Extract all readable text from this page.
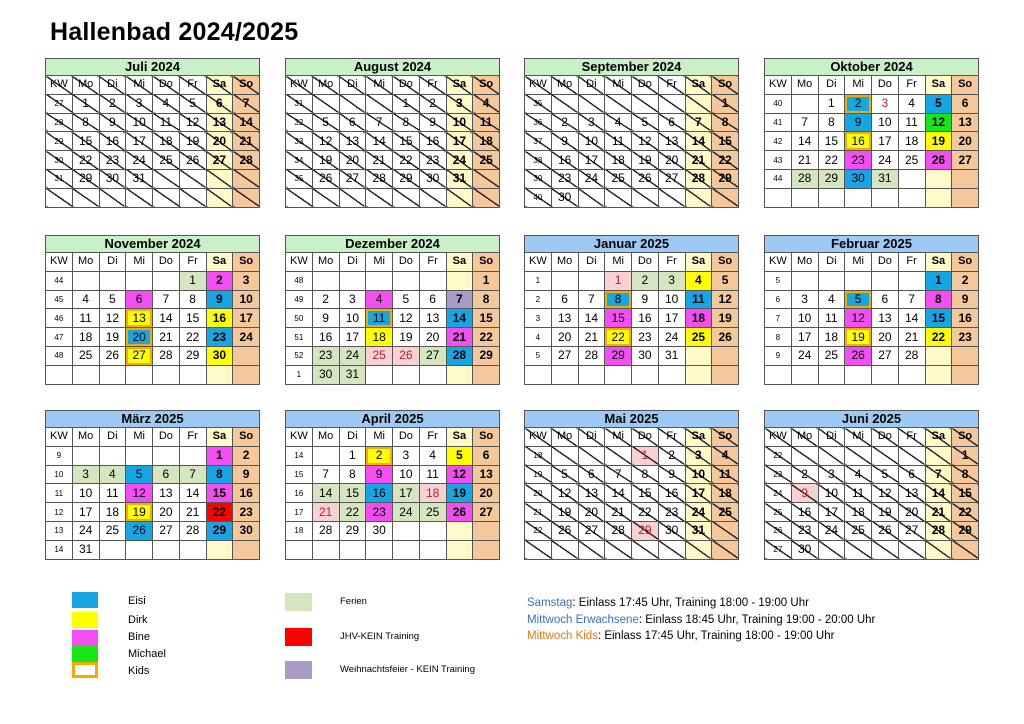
Hallenbad 2024/2025
Juli 2024							
KW	Mo	Di	Mi	Do	Fr	Sa	So
27	1	2	3	4	5	6	7
28	8	9	10	11	12	13	14
29	15	16	17	18	19	20	21
30	22	23	24	25	26	27	28
31	29	30	31				

August 2024							
KW	Mo	Di	Mi	Do	Fr	Sa	So
31				1	2	3	4
32	5	6	7	8	9	10	11
33	12	13	14	15	16	17	18
34	19	20	21	22	23	24	25
35	26	27	28	29	30	31	

September 2024							
KW	Mo	Di	Mi	Do	Fr	Sa	So
35							1
36	2	3	4	5	6	7	8
37	9	10	11	12	13	14	15
38	16	17	18	19	20	21	22
39	23	24	25	26	27	28	29
40	30						
Oktober 2024							
KW	Mo	Di	Mi	Do	Fr	Sa	So
40		1	2	3	4	5	6
41	7	8	9	10	11	12	13
42	14	15	16	17	18	19	20
43	21	22	23	24	25	26	27
44	28	29	30	31			

November 2024							
KW	Mo	Di	Mi	Do	Fr	Sa	So
44					1	2	3
45	4	5	6	7	8	9	10
46	11	12	13	14	15	16	17
47	18	19	20	21	22	23	24
48	25	26	27	28	29	30	

Dezember 2024							
KW	Mo	Di	Mi	Do	Fr	Sa	So
48							1
49	2	3	4	5	6	7	8
50	9	10	11	12	13	14	15
51	16	17	18	19	20	21	22
52	23	24	25	26	27	28	29
1	30	31					
Januar 2025							
KW	Mo	Di	Mi	Do	Fr	Sa	So
1			1	2	3	4	5
2	6	7	8	9	10	11	12
3	13	14	15	16	17	18	19
4	20	21	22	23	24	25	26
5	27	28	29	30	31		

Februar 2025							
KW	Mo	Di	Mi	Do	Fr	Sa	So
5						1	2
6	3	4	5	6	7	8	9
7	10	11	12	13	14	15	16
8	17	18	19	20	21	22	23
9	24	25	26	27	28		

März 2025							
KW	Mo	Di	Mi	Do	Fr	Sa	So
9						1	2
10	3	4	5	6	7	8	9
11	10	11	12	13	14	15	16
12	17	18	19	20	21	22	23
13	24	25	26	27	28	29	30
14	31						
April 2025							
KW	Mo	Di	Mi	Do	Fr	Sa	So
14		1	2	3	4	5	6
15	7	8	9	10	11	12	13
16	14	15	16	17	18	19	20
17	21	22	23	24	25	26	27
18	28	29	30				

Mai 2025							
KW	Mo	Di	Mi	Do	Fr	Sa	So
18				1	2	3	4
19	5	6	7	8	9	10	11
20	12	13	14	15	16	17	18
21	19	20	21	22	23	24	25
22	26	27	28	29	30	31	

Juni 2025							
KW	Mo	Di	Mi	Do	Fr	Sa	So
22							1
23	2	3	4	5	6	7	8
24	9	10	11	12	13	14	15
25	16	17	18	19	20	21	22
26	23	24	25	26	27	28	29
27	30						
Eisi
Dirk
Bine
Michael
Kids
Ferien
JHV-KEIN Training
Weihnachtsfeier - KEIN Training
Samstag: Einlass 17:45 Uhr, Training 18:00 - 19:00 Uhr
Mittwoch Erwachsene: Einlass 18:45 Uhr, Training 19:00 - 20:00 Uhr
Mittwoch Kids: Einlass 17:45 Uhr, Training 18:00 - 19:00 Uhr
